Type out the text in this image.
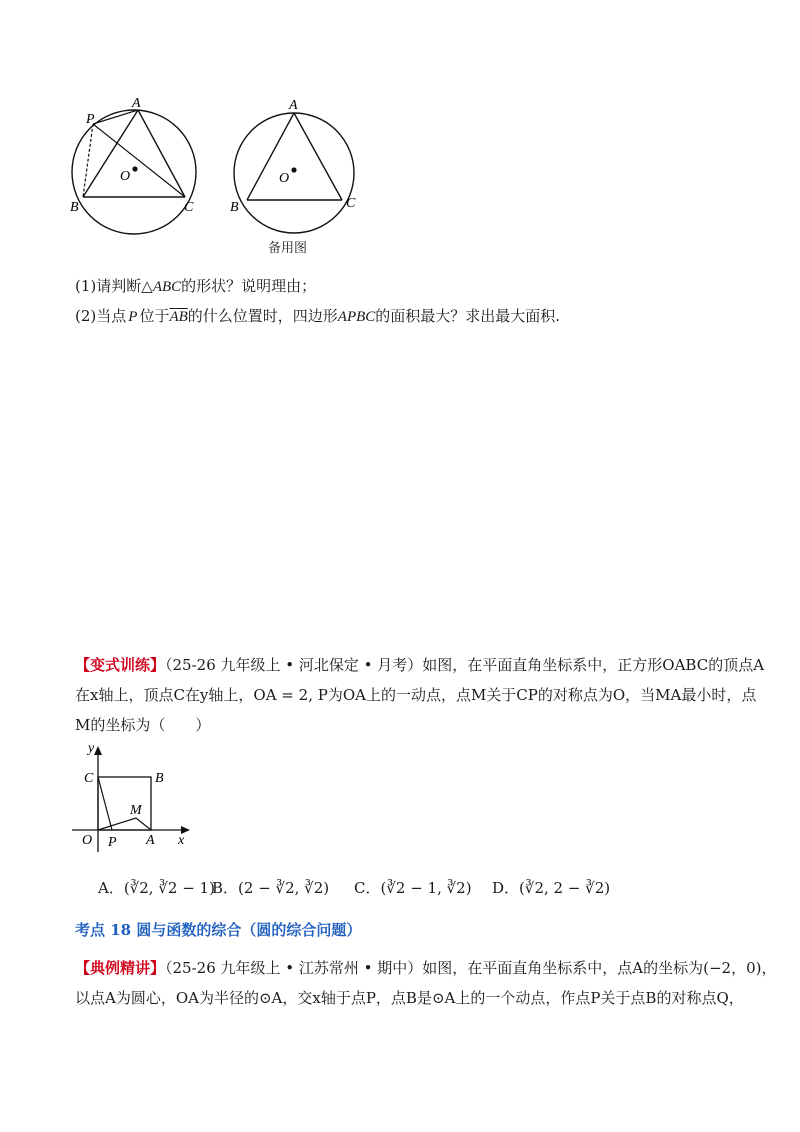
A
P
O
B	C
A
O
B	C
备用图
(1)请判断△ABC的形状？说明理由；
(2)当点 P 位于$\overline{AB}$的什么位置时，四边形APBC的面积最大？求出最大面积.
【变式训练】（25-26 九年级上 • 河北保定 • 月考）如图，在平面直角坐标系中，正方形OABC的顶点A
在x轴上，顶点C在y轴上，OA = 2, P为OA上的一动点，点M关于CP的对称点为O，当MA最小时，点
M的坐标为（　　）
y
x
C	B
M
O P A
A．(∛2, ∛2 − 1)
B．(2 − ∛2, ∛2) C．(∛2 − 1, ∛2) D．(∛2, 2 − ∛2)
考点 18 圆与函数的综合（圆的综合问题）
【典例精讲】（25-26 九年级上 • 江苏常州 • 期中）如图，在平面直角坐标系中，点A的坐标为(−2，0)，
以点A为圆心，OA为半径的⊙A，交x轴于点P，点B是⊙A上的一个动点，作点P关于点B的对称点Q，
